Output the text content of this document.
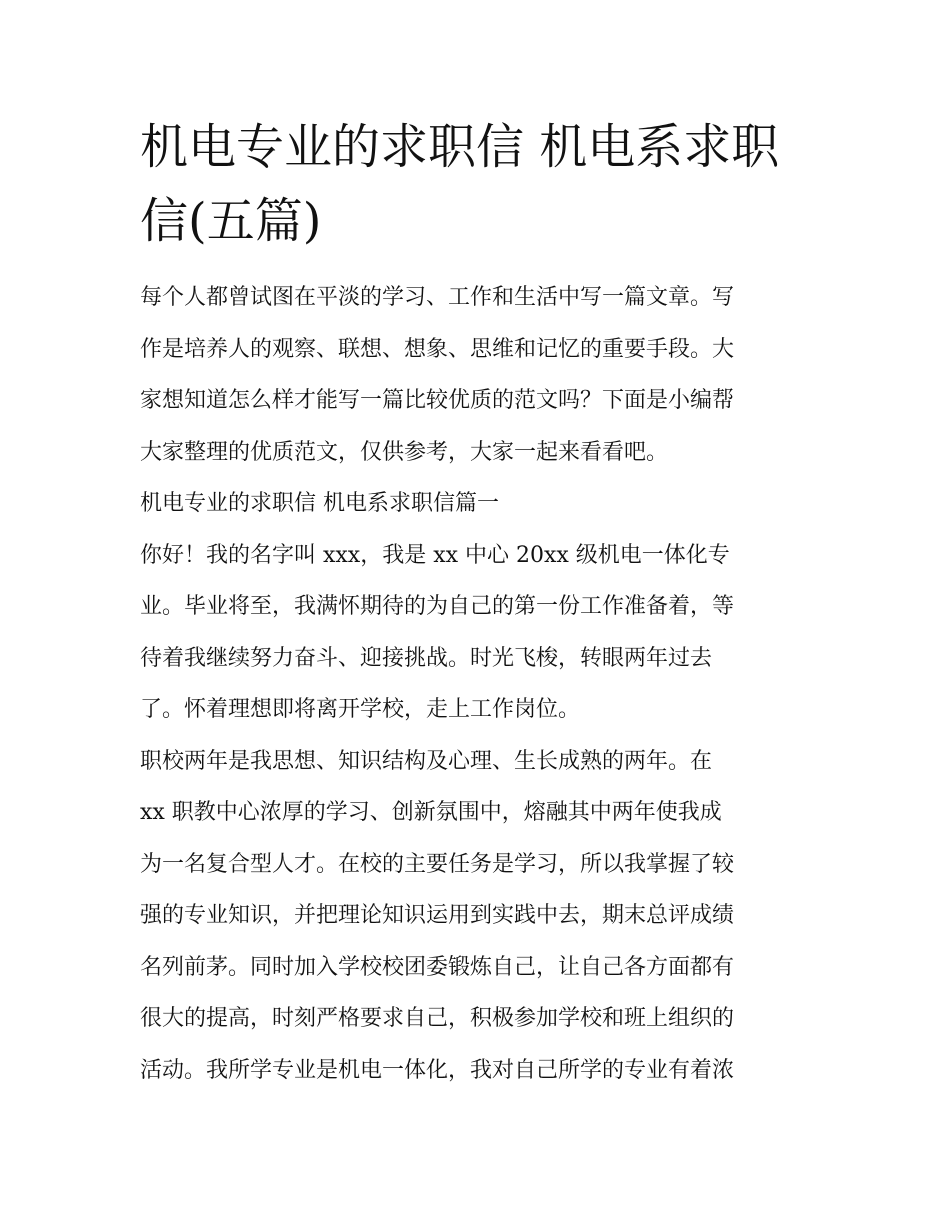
机电专业的求职信 机电系求职信(五篇)
每个人都曾试图在平淡的学习、工作和生活中写一篇文章。写
作是培养人的观察、联想、想象、思维和记忆的重要手段。大
家想知道怎么样才能写一篇比较优质的范文吗？下面是小编帮
大家整理的优质范文，仅供参考，大家一起来看看吧。
机电专业的求职信 机电系求职信篇一
你好！我的名字叫 xxx，我是 xx 中心 20xx 级机电一体化专
业。毕业将至，我满怀期待的为自己的第一份工作准备着，等
待着我继续努力奋斗、迎接挑战。时光飞梭，转眼两年过去
了。怀着理想即将离开学校，走上工作岗位。
职校两年是我思想、知识结构及心理、生长成熟的两年。在
xx 职教中心浓厚的学习、创新氛围中，熔融其中两年使我成
为一名复合型人才。在校的主要任务是学习，所以我掌握了较
强的专业知识，并把理论知识运用到实践中去，期末总评成绩
名列前茅。同时加入学校校团委锻炼自己，让自己各方面都有
很大的提高，时刻严格要求自己，积极参加学校和班上组织的
活动。我所学专业是机电一体化，我对自己所学的专业有着浓
